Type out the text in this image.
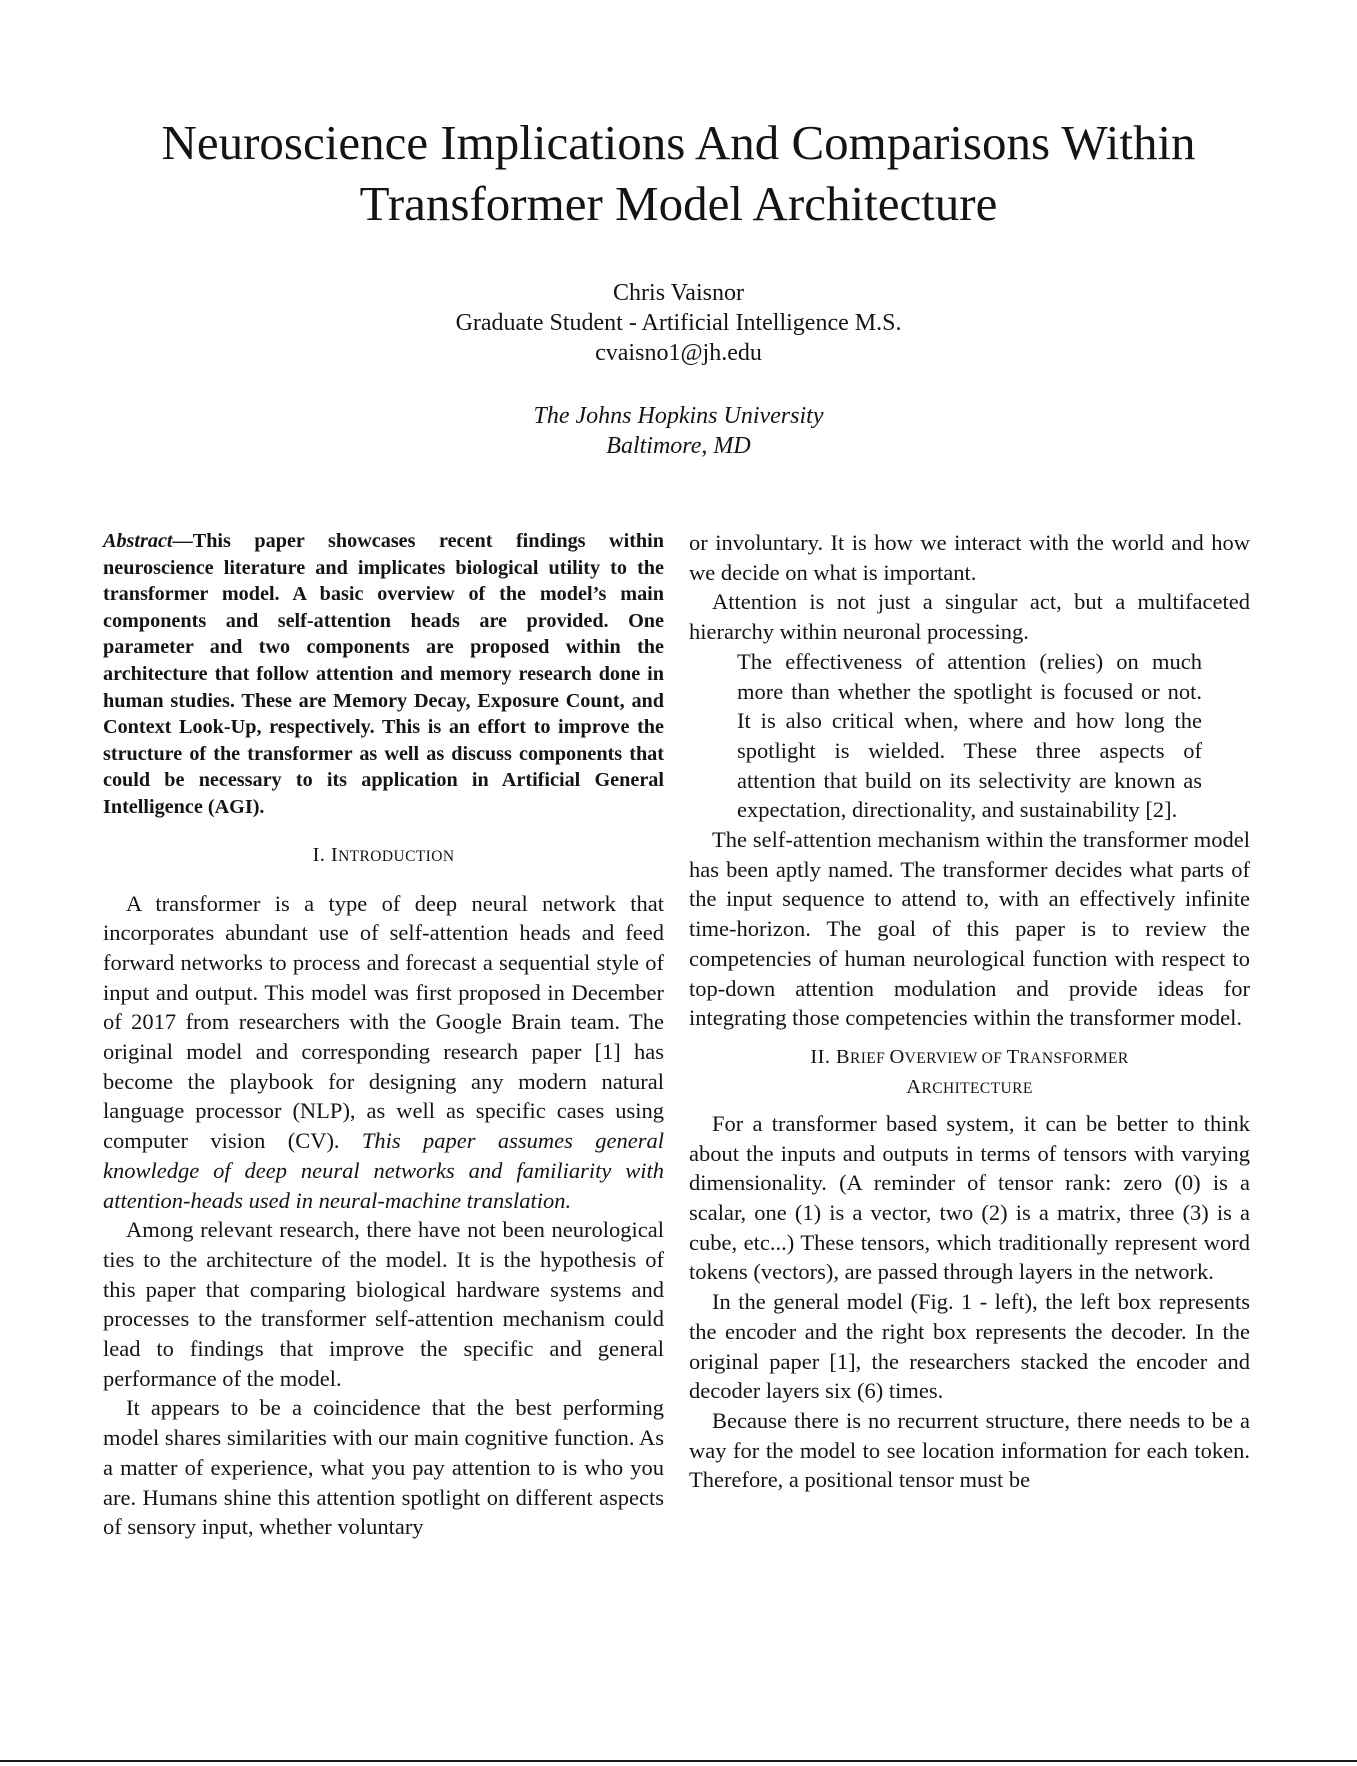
Neuroscience Implications And Comparisons Within Transformer Model Architecture
Chris Vaisnor
Graduate Student - Artificial Intelligence M.S.
cvaisno1@jh.edu
The Johns Hopkins University
Baltimore, MD
Abstract—This paper showcases recent findings within neuroscience literature and implicates biological utility to the transformer model. A basic overview of the model’s main components and self-attention heads are provided. One parameter and two components are proposed within the architecture that follow attention and memory research done in human studies. These are Memory Decay, Exposure Count, and Context Look-Up, respectively. This is an effort to improve the structure of the transformer as well as discuss components that could be necessary to its application in Artificial General Intelligence (AGI).
I. INTRODUCTION

A transformer is a type of deep neural network that incorporates abundant use of self-attention heads and feed forward networks to process and forecast a sequential style of input and output. This model was first proposed in December of 2017 from researchers with the Google Brain team. The original model and corresponding research paper [1] has become the playbook for designing any modern natural language processor (NLP), as well as specific cases using computer vision (CV). This paper assumes general knowledge of deep neural networks and familiarity with attention-heads used in neural-machine translation.

Among relevant research, there have not been neurological ties to the architecture of the model. It is the hypothesis of this paper that comparing biological hardware systems and processes to the transformer self-attention mechanism could lead to findings that improve the specific and general performance of the model.

It appears to be a coincidence that the best performing model shares similarities with our main cognitive function. As a matter of experience, what you pay attention to is who you are. Humans shine this attention spotlight on different aspects of sensory input, whether voluntary

or involuntary. It is how we interact with the world and how we decide on what is important.

Attention is not just a singular act, but a multifaceted hierarchy within neuronal processing.

The effectiveness of attention (relies) on much more than whether the spotlight is focused or not. It is also critical when, where and how long the spotlight is wielded. These three aspects of attention that build on its selectivity are known as expectation, directionality, and sustainability [2].

The self-attention mechanism within the transformer model has been aptly named. The transformer decides what parts of the input sequence to attend to, with an effectively infinite time-horizon. The goal of this paper is to review the competencies of human neurological function with respect to top-down attention modulation and provide ideas for integrating those competencies within the transformer model.

II. BRIEF OVERVIEW OF TRANSFORMER
ARCHITECTURE

For a transformer based system, it can be better to think about the inputs and outputs in terms of tensors with varying dimensionality. (A reminder of tensor rank: zero (0) is a scalar, one (1) is a vector, two (2) is a matrix, three (3) is a cube, etc...) These tensors, which traditionally represent word tokens (vectors), are passed through layers in the network.

In the general model (Fig. 1 - left), the left box represents the encoder and the right box represents the decoder. In the original paper [1], the researchers stacked the encoder and decoder layers six (6) times.

Because there is no recurrent structure, there needs to be a way for the model to see location information for each token. Therefore, a positional tensor must be
